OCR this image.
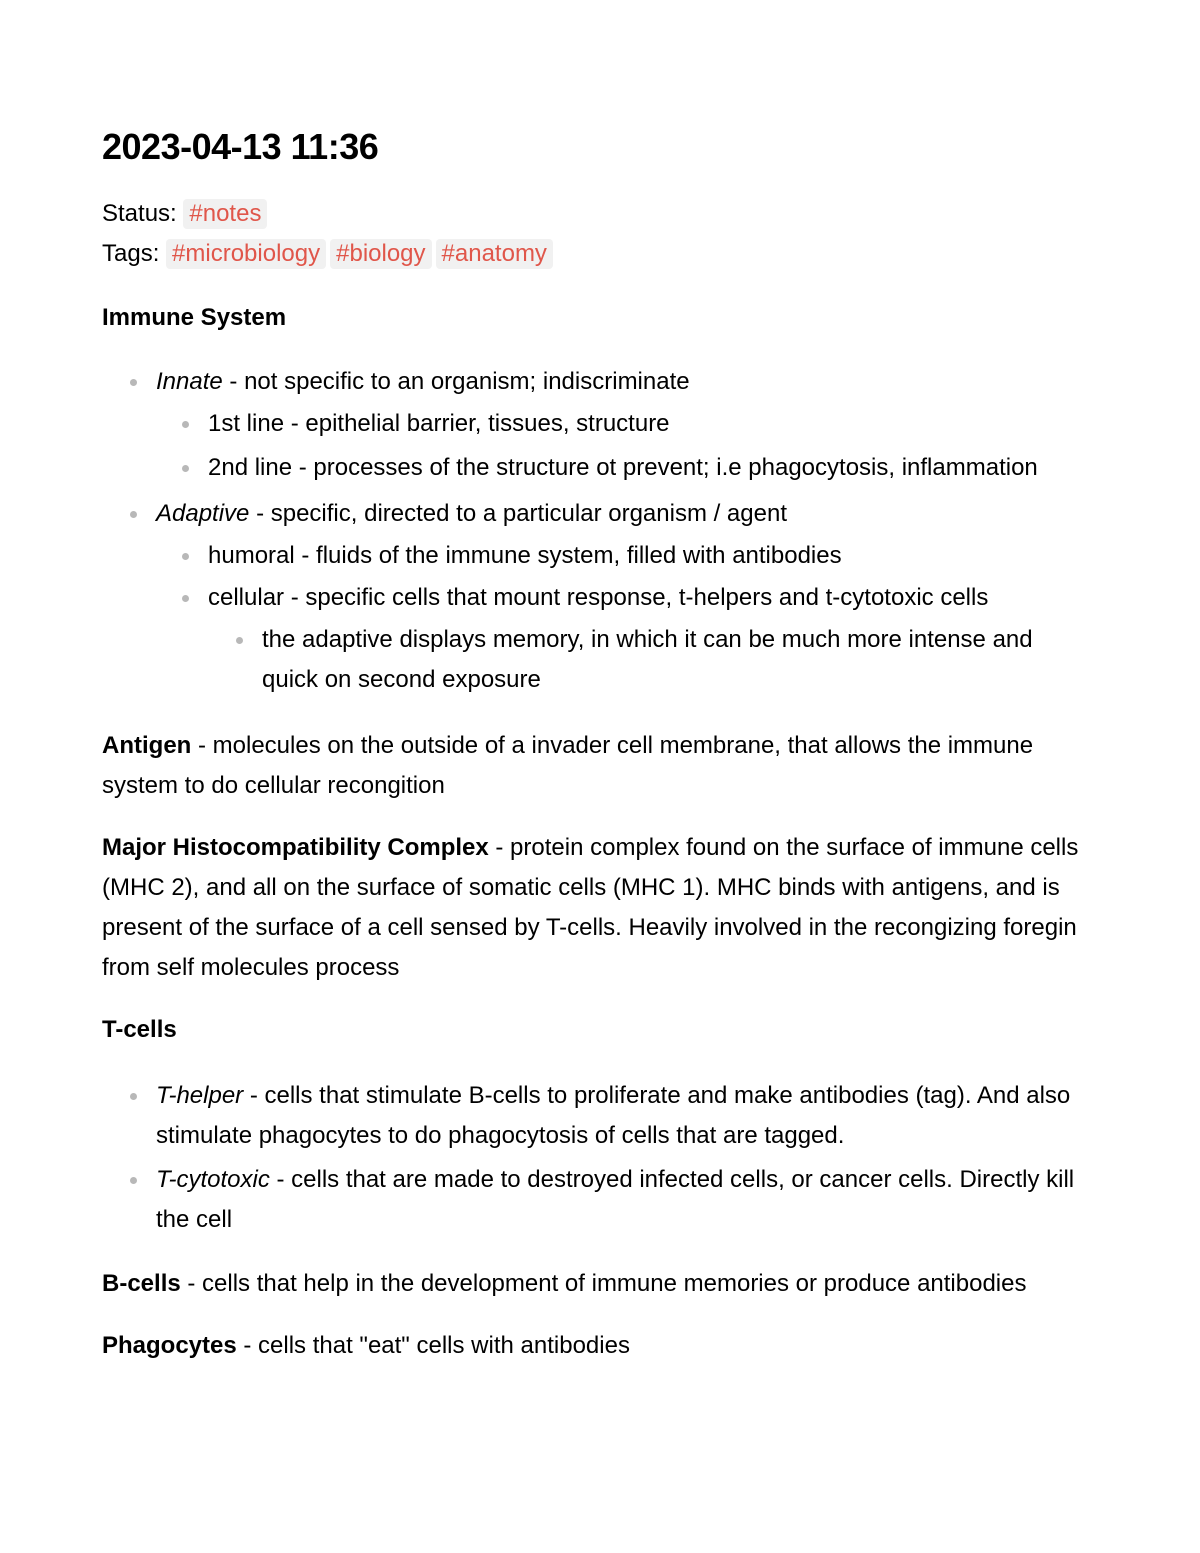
2023-04-13 11:36
Status: #notes
Tags: #microbiology #biology #anatomy

Immune System

Innate - not specific to an organism; indiscriminate
1st line - epithelial barrier, tissues, structure
2nd line - processes of the structure ot prevent; i.e phagocytosis, inflammation
Adaptive - specific, directed to a particular organism / agent
humoral - fluids of the immune system, filled with antibodies
cellular - specific cells that mount response, t-helpers and t-cytotoxic cells
the adaptive displays memory, in which it can be much more intense and quick on second exposure

Antigen - molecules on the outside of a invader cell membrane, that allows the immune system to do cellular recongition

Major Histocompatibility Complex - protein complex found on the surface of immune cells (MHC 2), and all on the surface of somatic cells (MHC 1). MHC binds with antigens, and is present of the surface of a cell sensed by T-cells. Heavily involved in the recongizing foregin from self molecules process

T-cells

T-helper - cells that stimulate B-cells to proliferate and make antibodies (tag). And also stimulate phagocytes to do phagocytosis of cells that are tagged.
T-cytotoxic - cells that are made to destroyed infected cells, or cancer cells. Directly kill the cell

B-cells - cells that help in the development of immune memories or produce antibodies

Phagocytes - cells that "eat" cells with antibodies
